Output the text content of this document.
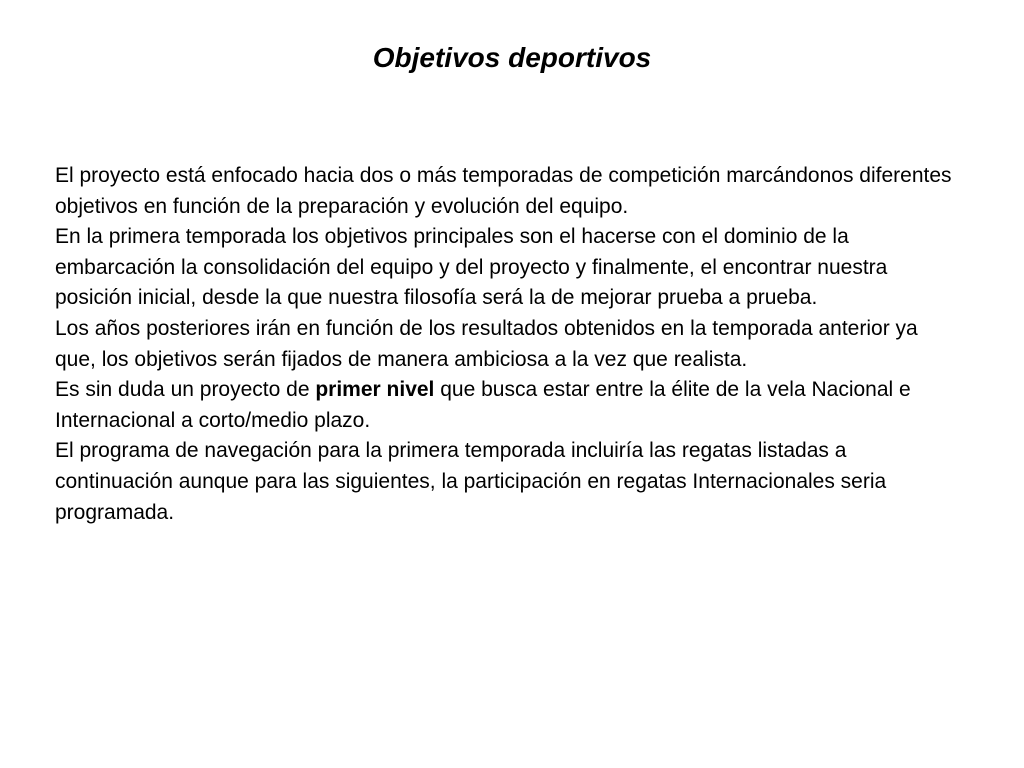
Objetivos deportivos

El proyecto está enfocado hacia dos o más temporadas de competición marcándonos diferentes objetivos en función de la preparación y evolución del equipo.

En la primera temporada los objetivos principales son el hacerse con el dominio de la embarcación la consolidación del equipo y del proyecto y finalmente, el encontrar nuestra posición inicial, desde la que nuestra filosofía será la de mejorar prueba a prueba.

Los años posteriores irán en función de los resultados obtenidos en la temporada anterior ya que, los objetivos serán fijados de manera ambiciosa a la vez que realista.

Es sin duda un proyecto de primer nivel que busca estar entre la élite de la vela Nacional e Internacional a corto/medio plazo.

El programa de navegación para la primera temporada incluiría las regatas listadas a continuación aunque para las siguientes, la participación en regatas Internacionales seria programada.
